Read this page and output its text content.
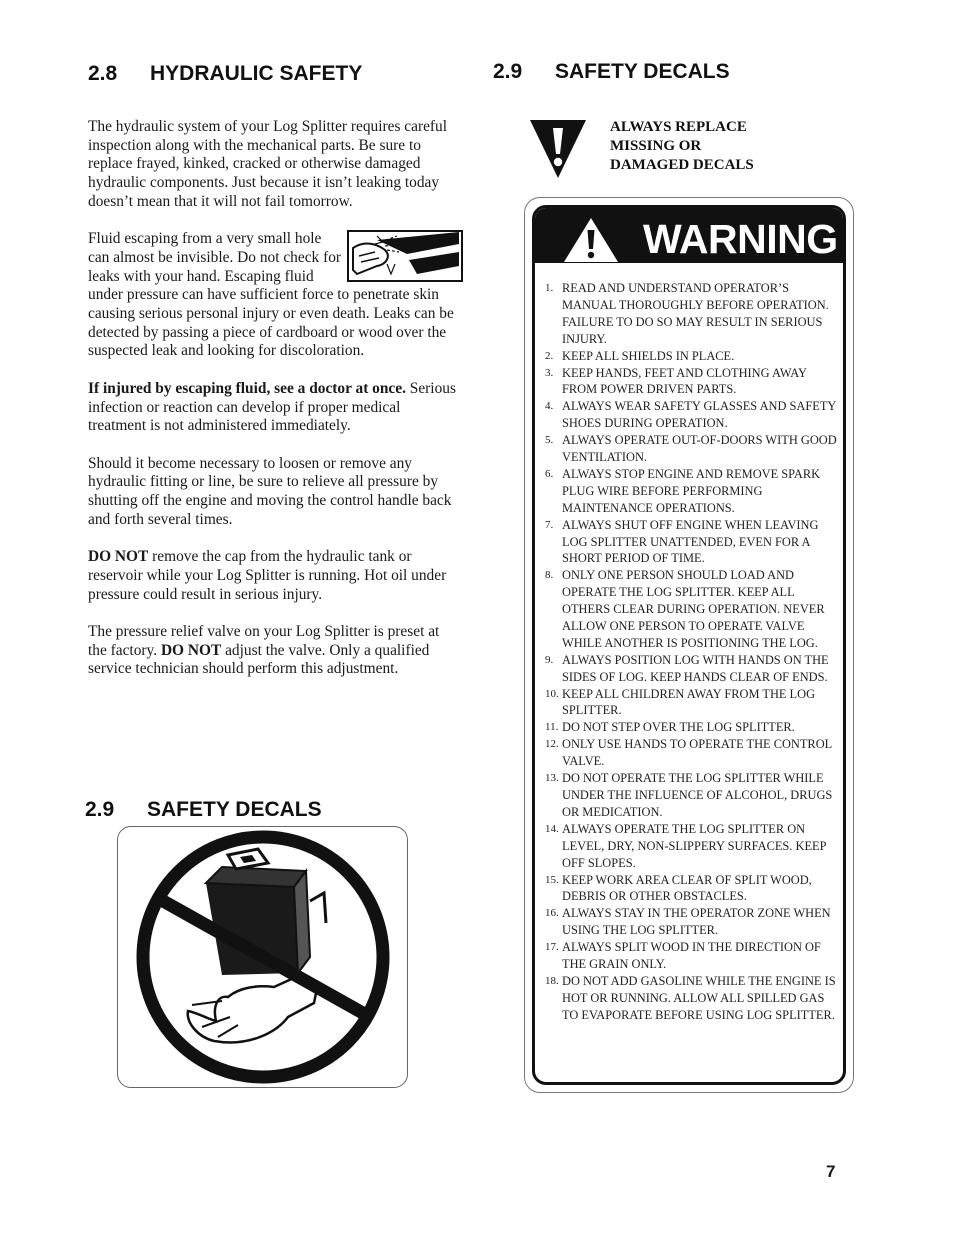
2.8 HYDRAULIC SAFETY

The hydraulic system of your Log Splitter requires careful inspection along with the mechanical parts. Be sure to replace frayed, kinked, cracked or otherwise damaged hydraulic components. Just because it isn’t leaking today doesn’t mean that it will not fail tomorrow.

Fluid escaping from a very small hole can almost be invisible. Do not check for leaks with your hand. Escaping fluid under pressure can have sufficient force to penetrate skin causing serious personal injury or even death. Leaks can be detected by passing a piece of cardboard or wood over the suspected leak and looking for discoloration.

If injured by escaping fluid, see a doctor at once. Serious infection or reaction can develop if proper medical treatment is not administered immediately.

Should it become necessary to loosen or remove any hydraulic fitting or line, be sure to relieve all pressure by shutting off the engine and moving the control handle back and forth several times.

DO NOT remove the cap from the hydraulic tank or reservoir while your Log Splitter is running. Hot oil under pressure could result in serious injury.

The pressure relief valve on your Log Splitter is preset at the factory. DO NOT adjust the valve. Only a qualified service technician should perform this adjustment.

2.9 SAFETY DECALS
2.9 SAFETY DECALS
ALWAYS REPLACE
MISSING OR
DAMAGED DECALS
WARNING
1. READ AND UNDERSTAND OPERATOR’S MANUAL THOROUGHLY BEFORE OPERATION. FAILURE TO DO SO MAY RESULT IN SERIOUS INJURY.
2. KEEP ALL SHIELDS IN PLACE.
3. KEEP HANDS, FEET AND CLOTHING AWAY FROM POWER DRIVEN PARTS.
4. ALWAYS WEAR SAFETY GLASSES AND SAFETY SHOES DURING OPERATION.
5. ALWAYS OPERATE OUT-OF-DOORS WITH GOOD VENTILATION.
6. ALWAYS STOP ENGINE AND REMOVE SPARK PLUG WIRE BEFORE PERFORMING MAINTENANCE OPERATIONS.
7. ALWAYS SHUT OFF ENGINE WHEN LEAVING LOG SPLITTER UNATTENDED, EVEN FOR A SHORT PERIOD OF TIME.
8. ONLY ONE PERSON SHOULD LOAD AND OPERATE THE LOG SPLITTER. KEEP ALL OTHERS CLEAR DURING OPERATION. NEVER ALLOW ONE PERSON TO OPERATE VALVE WHILE ANOTHER IS POSITIONING THE LOG.
9. ALWAYS POSITION LOG WITH HANDS ON THE SIDES OF LOG. KEEP HANDS CLEAR OF ENDS.
10. KEEP ALL CHILDREN AWAY FROM THE LOG SPLITTER.
11. DO NOT STEP OVER THE LOG SPLITTER.
12. ONLY USE HANDS TO OPERATE THE CONTROL VALVE.
13. DO NOT OPERATE THE LOG SPLITTER WHILE UNDER THE INFLUENCE OF ALCOHOL, DRUGS OR MEDICATION.
14. ALWAYS OPERATE THE LOG SPLITTER ON LEVEL, DRY, NON-SLIPPERY SURFACES. KEEP OFF SLOPES.
15. KEEP WORK AREA CLEAR OF SPLIT WOOD, DEBRIS OR OTHER OBSTACLES.
16. ALWAYS STAY IN THE OPERATOR ZONE WHEN USING THE LOG SPLITTER.
17. ALWAYS SPLIT WOOD IN THE DIRECTION OF THE GRAIN ONLY.
18. DO NOT ADD GASOLINE WHILE THE ENGINE IS HOT OR RUNNING. ALLOW ALL SPILLED GAS TO EVAPORATE BEFORE USING LOG SPLITTER.
7
